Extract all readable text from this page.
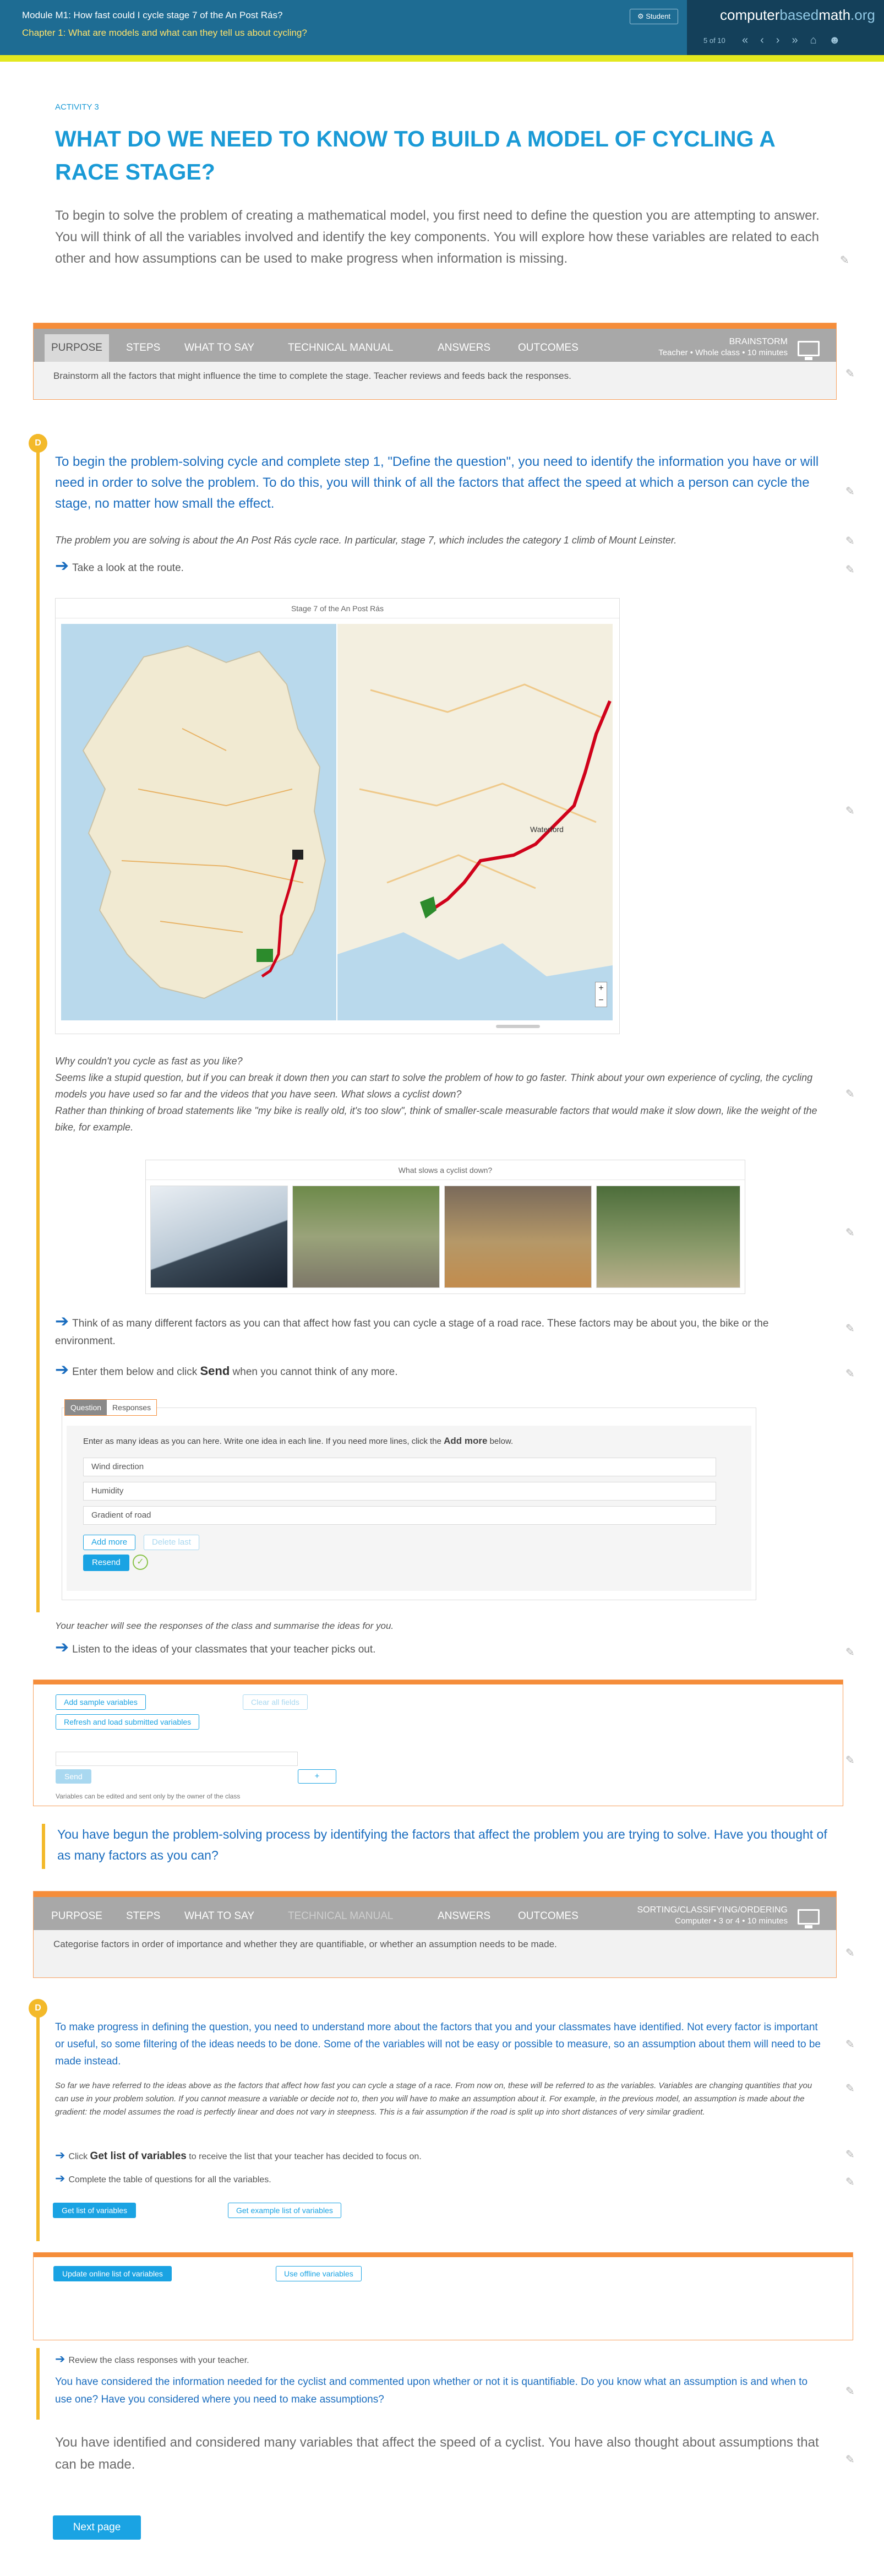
Module M1: How fast could I cycle stage 7 of the An Post Rás?
Chapter 1: What are models and what can they tell us about cycling?
⚙ Student	computerbasedmath.org
5 of 10 «‹›»⌂☻
ACTIVITY 3
WHAT DO WE NEED TO KNOW TO BUILD A MODEL OF CYCLING A RACE STAGE?
To begin to solve the problem of creating a mathematical model, you first need to define the question you are attempting to answer. You will think of all the variables involved and identify the key components. You will explore how these variables are related to each other and how assumptions can be used to make progress when information is missing.	✎
PURPOSE	STEPS	WHAT TO SAY	TECHNICAL MANUAL	ANSWERS	OUTCOMES
BRAINSTORM
Teacher • Whole class • 10 minutes
Brainstorm all the factors that might influence the time to complete the stage. Teacher reviews and feeds back the responses.	✎
D
To begin the problem-solving cycle and complete step 1, "Define the question", you need to identify the information you have or will need in order to solve the problem. To do this, you will think of all the factors that affect the speed at which a person can cycle the stage, no matter how small the effect.
✎
The problem you are solving is about the An Post Rás cycle race. In particular, stage 7, which includes the category 1 climb of Mount Leinster.	✎
➔ Take a look at the route.	✎
Stage 7 of the An Post Rás
Waterford
+
−
✎
Why couldn't you cycle as fast as you like?
Seems like a stupid question, but if you can break it down then you can start to solve the problem of how to go faster. Think about your own experience of cycling, the cycling models you have used so far and the videos that you have seen. What slows a cyclist down?
Rather than thinking of broad statements like "my bike is really old, it's too slow", think of smaller-scale measurable factors that would make it slow down, like the weight of the bike, for example.
✎
What slows a cyclist down?
✎
➔ Think of as many different factors as you can that affect how fast you can cycle a stage of a road race. These factors may be about you, the bike or the environment.
✎
➔ Enter them below and click Send when you cannot think of any more.	✎
Question Responses
Enter as many ideas as you can here. Write one idea in each line. If you need more lines, click the Add more below.
Wind direction
Humidity
Gradient of road
Add more	Delete last
Resend	✓
Your teacher will see the responses of the class and summarise the ideas for you.
➔ Listen to the ideas of your classmates that your teacher picks out.	✎
Add sample variables	Clear all fields
Refresh and load submitted variables
Send	+
Variables can be edited and sent only by the owner of the class
✎
You have begun the problem-solving process by identifying the factors that affect the problem you are trying to solve. Have you thought of as many factors as you can?
PURPOSE	STEPS	WHAT TO SAY	TECHNICAL MANUAL	ANSWERS	OUTCOMES
SORTING/CLASSIFYING/ORDERING
Computer • 3 or 4 • 10 minutes
Categorise factors in order of importance and whether they are quantifiable, or whether an assumption needs to be made.
✎
D
To make progress in defining the question, you need to understand more about the factors that you and your classmates have identified. Not every factor is important or useful, so some filtering of the ideas needs to be done. Some of the variables will not be easy or possible to measure, so an assumption about them will need to be made instead.
✎
So far we have referred to the ideas above as the factors that affect how fast you can cycle a stage of a race. From now on, these will be referred to as the variables. Variables are changing quantities that you can use in your problem solution. If you cannot measure a variable or decide not to, then you will have to make an assumption about it. For example, in the previous model, an assumption is made about the gradient: the model assumes the road is perfectly linear and does not vary in steepness. This is a fair assumption if the road is split up into short distances of very similar gradient.
✎
➔ Click Get list of variables to receive the list that your teacher has decided to focus on.	✎
➔ Complete the table of questions for all the variables.	✎
Get list of variables	Get example list of variables
Update online list of variables	Use offline variables
➔ Review the class responses with your teacher.
You have considered the information needed for the cyclist and commented upon whether or not it is quantifiable. Do you know what an assumption is and when to use one? Have you considered where you need to make assumptions?
✎
You have identified and considered many variables that affect the speed of a cyclist. You have also thought about assumptions that can be made.	✎
Next page
